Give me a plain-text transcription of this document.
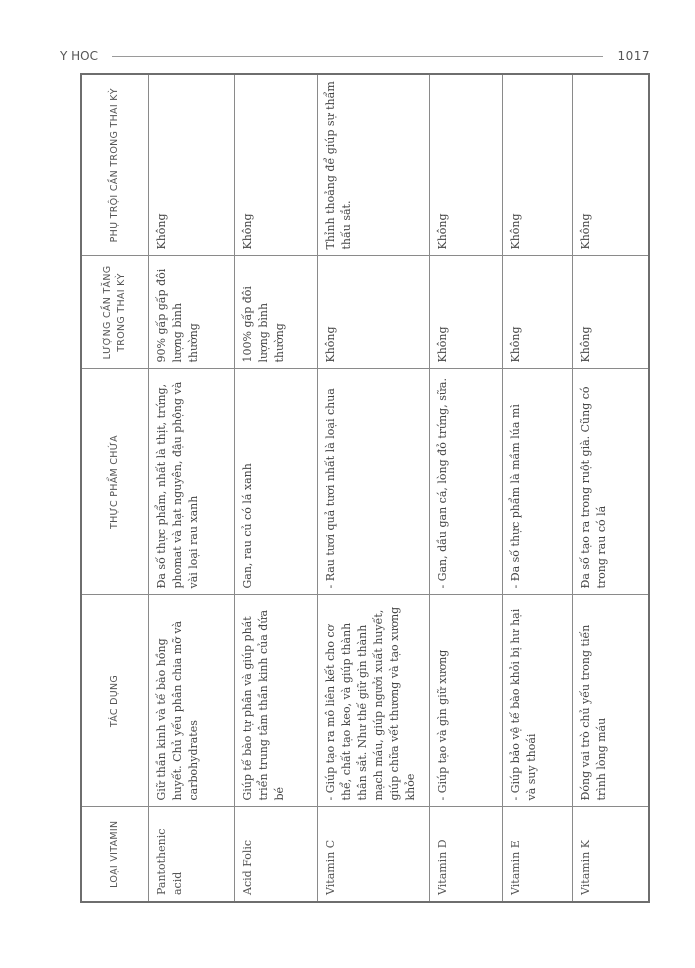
Y HOC	1017
LOẠI VITAMIN	TÁC DỤNG	THỰC PHẨM CHỨA	LƯỢNG CẦN TĂNG TRONG THAI KỲ	PHỤ TRỘI CẦN TRONG THAI KỲ
Pantothenic acid	Giữ thần kinh và tế bào hồng huyết. Chủ yếu phân chia mỡ và carbohydrates	Đa số thực phẩm, nhất là thịt, trứng, phomat và hạt nguyên, đậu phộng và vài loại rau xanh	90% gấp gấp đôi lượng bình thường	Không
Acid Folic	Giúp tế bào tự phân và giúp phát triển trung tâm thần kinh của đứa bé	Gan, rau củ có lá xanh	100% gấp đôi lượng bình thường	Không
Vitamin C	- Giúp tạo ra mô liên kết cho cơ thể, chất tạo keo, và giúp thành thân sắt. Như thế giữ gìn thành mạch máu, giúp ngưởi xuất huyết, giúp chữa vết thương và tạo xương khỏe	- Rau tươi quả tươi nhất là loại chua	Không	Thỉnh thoảng để giúp sự thẩm thấu sắt.
Vitamin D	- Giúp tạo và gìn giữ xương	- Gan, dầu gan cá, lòng đỏ trứng, sữa.	Không	Không
Vitamin E	- Giúp bảo vệ tế bào khỏi bị hư hại và suy thoái	- Đa số thực phẩm là mầm lúa mì	Không	Không
Vitamin K	Đóng vai trò chủ yếu trong tiến trình lòng máu	Đa số tạo ra trong ruột già. Cũng có trong rau có lá	Không	Không
